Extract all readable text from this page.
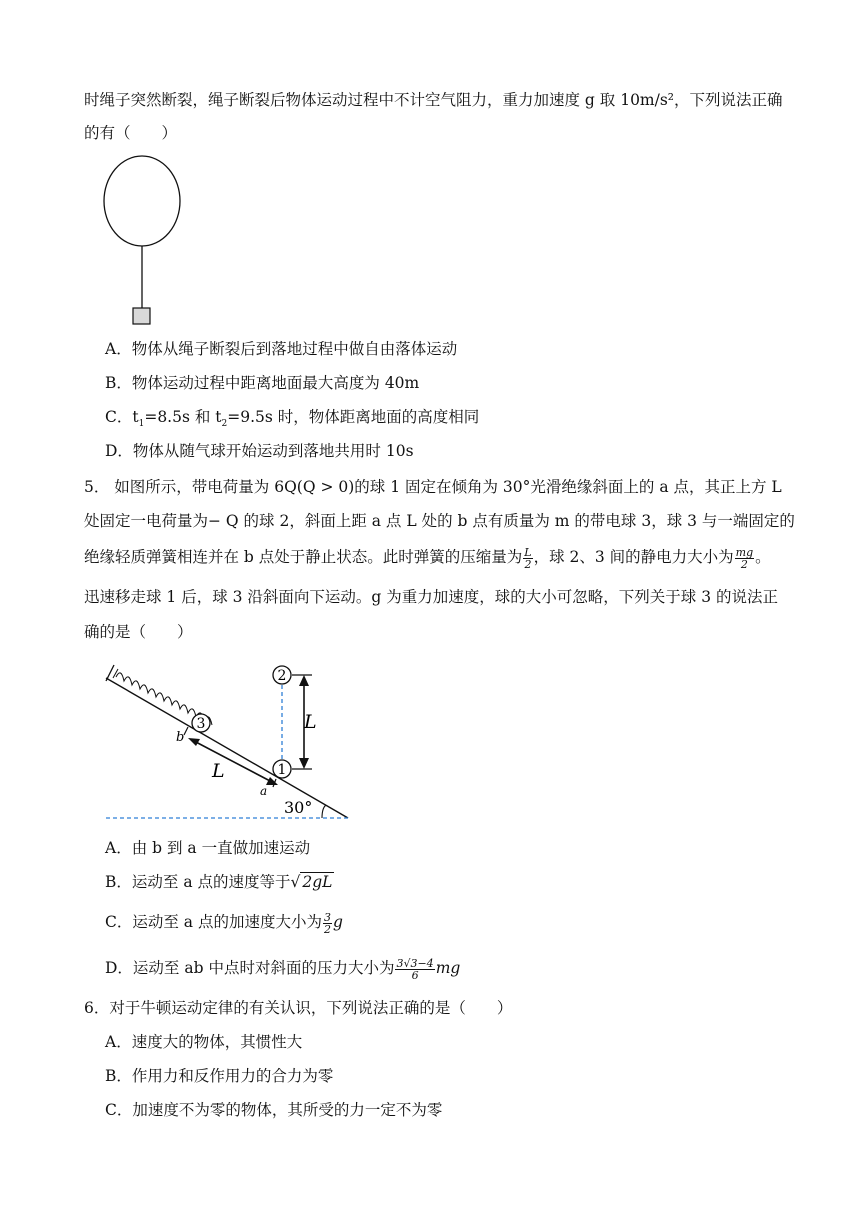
时绳子突然断裂，绳子断裂后物体运动过程中不计空气阻力，重力加速度 g 取 10m/s²，下列说法正确
的有（　　）
A．物体从绳子断裂后到落地过程中做自由落体运动
B．物体运动过程中距离地面最大高度为 40m
C．$t_1=8.5s$ 和 $t_2=9.5s$ 时，物体距离地面的高度相同
D．物体从随气球开始运动到落地共用时 10s
5． 如图所示，带电荷量为 6Q(Q > 0)的球 1 固定在倾角为 30°光滑绝缘斜面上的 a 点，其正上方 L
处固定一电荷量为− Q 的球 2，斜面上距 a 点 L 处的 b 点有质量为 m 的带电球 3，球 3 与一端固定的
绝缘轻质弹簧相连并在 b 点处于静止状态。此时弹簧的压缩量为 $\frac{L}{2}$ ，球 2、3 间的静电力大小为 $\frac{mg}{2}$ 。
迅速移走球 1 后，球 3 沿斜面向下运动。g 为重力加速度，球的大小可忽略，下列关于球 3 的说法正
确的是（　　）
3
b
L	1
a
2
L
30°
A．由 b 到 a 一直做加速运动
B．运动至 a 点的速度等于√ 2gL
C．运动至 a 点的加速度大小为 $\frac{3}{2}$ g
D．运动至 ab 中点时对斜面的压力大小为 $\frac{3√3-4}{6}$ mg
6．对于牛顿运动定律的有关认识，下列说法正确的是（　　）
A．速度大的物体，其惯性大
B．作用力和反作用力的合力为零
C．加速度不为零的物体，其所受的力一定不为零
